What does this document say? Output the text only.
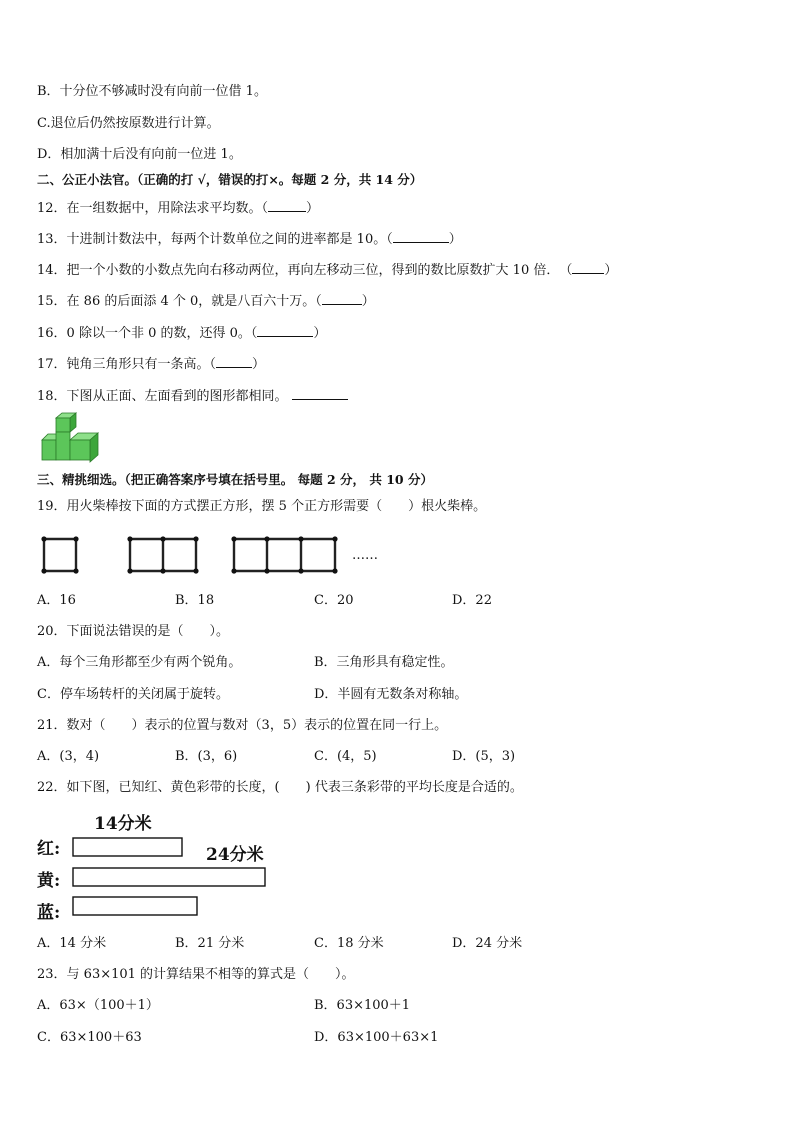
B．十分位不够减时没有向前一位借 1。
C.退位后仍然按原数进行计算。
D．相加满十后没有向前一位进 1。
二、公正小法官。（正确的打 √，错误的打×。每题 2 分，共 14 分）
12．在一组数据中，用除法求平均数。（	）
13．十进制计数法中，每两个计数单位之间的进率都是 10。（	）
14．把一个小数的小数点先向右移动两位，再向左移动三位，得到的数比原数扩大 10 倍．　（ ）
15．在 86 的后面添 4 个 0，就是八百六十万。（	）
16．0 除以一个非 0 的数，还得 0。（	）
17．钝角三角形只有一条高。（	）
18．下图从正面、左面看到的图形都相同。
三、精挑细选。（把正确答案序号填在括号里。 每题 2 分， 共 10 分）
19．用火柴棒按下面的方式摆正方形，摆 5 个正方形需要（　　）根火柴棒。
……
A．16	B．18	C．20	D．22
20．下面说法错误的是（　　）。
A．每个三角形都至少有两个锐角。	B．三角形具有稳定性。
C．停车场转杆的关闭属于旋转。	D．半圆有无数条对称轴。
21．数对（　　）表示的位置与数对（3，5）表示的位置在同一行上。
A．(3，4)	B．(3，6)	C．(4，5)	D．(5，3)
22．如下图，已知红、黄色彩带的长度，(　　) 代表三条彩带的平均长度是合适的。
14分米
24分米
红:
黄:
蓝:
A．14 分米	B．21 分米	C．18 分米	D．24 分米
23．与 63×101 的计算结果不相等的算式是（　　）。
A．63×（100＋1）	B．63×100＋1
C．63×100＋63	D．63×100＋63×1
